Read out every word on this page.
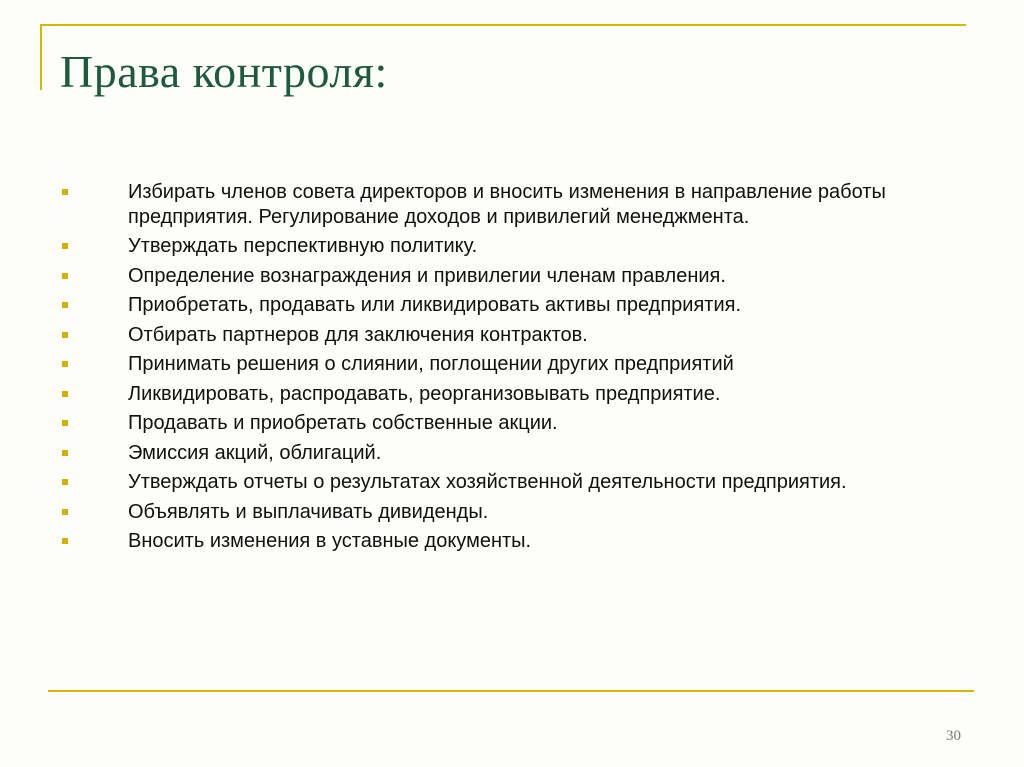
Права контроля:
Избирать членов совета директоров и вносить изменения в направление работы предприятия. Регулирование доходов и привилегий менеджмента.
Утверждать перспективную политику.
Определение вознаграждения и привилегии членам правления.
Приобретать, продавать или ликвидировать активы предприятия.
Отбирать партнеров для заключения контрактов.
Принимать решения о слиянии, поглощении других предприятий
Ликвидировать, распродавать, реорганизовывать предприятие.
Продавать и приобретать собственные акции.
Эмиссия акций, облигаций.
Утверждать отчеты о результатах хозяйственной деятельности предприятия.
Объявлять и выплачивать дивиденды.
Вносить изменения в уставные документы.
30
